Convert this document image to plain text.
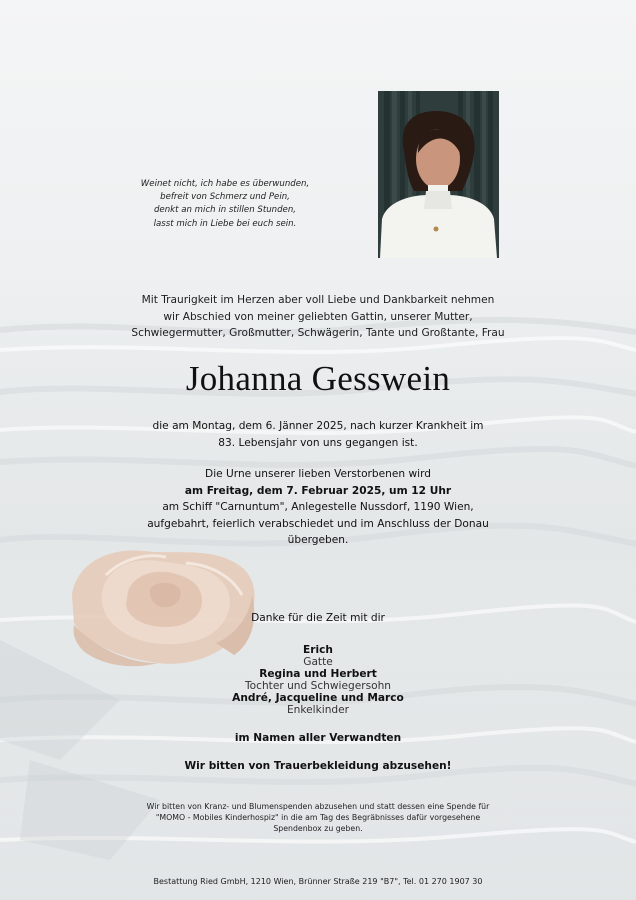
Weinet nicht, ich habe es überwunden,
befreit von Schmerz und Pein,
denkt an mich in stillen Stunden,
lasst mich in Liebe bei euch sein.
Mit Traurigkeit im Herzen aber voll Liebe und Dankbarkeit nehmen
wir Abschied von meiner geliebten Gattin, unserer Mutter,
Schwiegermutter, Großmutter, Schwägerin, Tante und Großtante, Frau
Johanna Gesswein
die am Montag, dem 6. Jänner 2025, nach kurzer Krankheit im
83. Lebensjahr von uns gegangen ist.
Die Urne unserer lieben Verstorbenen wird
am Freitag, dem 7. Februar 2025, um 12 Uhr
am Schiff "Carnuntum", Anlegestelle Nussdorf, 1190 Wien,
aufgebahrt, feierlich verabschiedet und im Anschluss der Donau
übergeben.
Danke für die Zeit mit dir
Erich
Gatte
Regina und Herbert
Tochter und Schwiegersohn
André, Jacqueline und Marco
Enkelkinder
im Namen aller Verwandten
Wir bitten von Trauerbekleidung abzusehen!
Wir bitten von Kranz- und Blumenspenden abzusehen und statt dessen eine Spende für
"MOMO - Mobiles Kinderhospiz" in die am Tag des Begräbnisses dafür vorgesehene
Spendenbox zu geben.
Bestattung Ried GmbH, 1210 Wien, Brünner Straße 219 "B7", Tel. 01 270 1907 30
